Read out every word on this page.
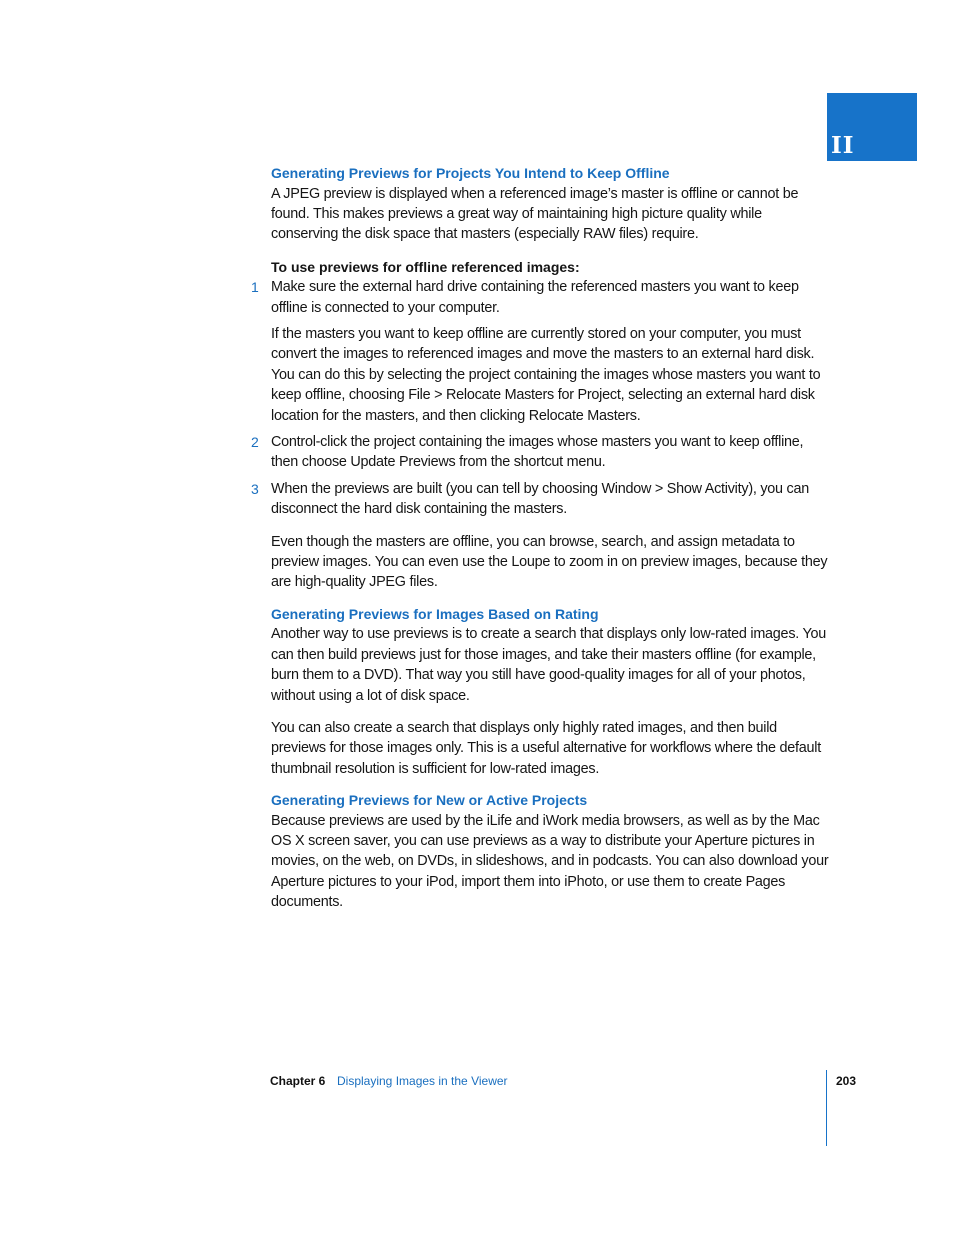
II
Generating Previews for Projects You Intend to Keep Offline

A JPEG preview is displayed when a referenced image’s master is offline or cannot be found. This makes previews a great way of maintaining high picture quality while conserving the disk space that masters (especially RAW files) require.

To use previews for offline referenced images:

1 Make sure the external hard drive containing the referenced masters you want to keep offline is connected to your computer.

If the masters you want to keep offline are currently stored on your computer, you must convert the images to referenced images and move the masters to an external hard disk. You can do this by selecting the project containing the images whose masters you want to keep offline, choosing File > Relocate Masters for Project, selecting an external hard disk location for the masters, and then clicking Relocate Masters.

2 Control-click the project containing the images whose masters you want to keep offline, then choose Update Previews from the shortcut menu.

3 When the previews are built (you can tell by choosing Window > Show Activity), you can disconnect the hard disk containing the masters.

Even though the masters are offline, you can browse, search, and assign metadata to preview images. You can even use the Loupe to zoom in on preview images, because they are high-quality JPEG files.

Generating Previews for Images Based on Rating

Another way to use previews is to create a search that displays only low-rated images. You can then build previews just for those images, and take their masters offline (for example, burn them to a DVD). That way you still have good-quality images for all of your photos, without using a lot of disk space.

You can also create a search that displays only highly rated images, and then build previews for those images only. This is a useful alternative for workflows where the default thumbnail resolution is sufficient for low-rated images.

Generating Previews for New or Active Projects

Because previews are used by the iLife and iWork media browsers, as well as by the Mac OS X screen saver, you can use previews as a way to distribute your Aperture pictures in movies, on the web, on DVDs, in slideshows, and in podcasts. You can also download your Aperture pictures to your iPod, import them into iPhoto, or use them to create Pages documents.

Chapter 6 Displaying Images in the Viewer	203
